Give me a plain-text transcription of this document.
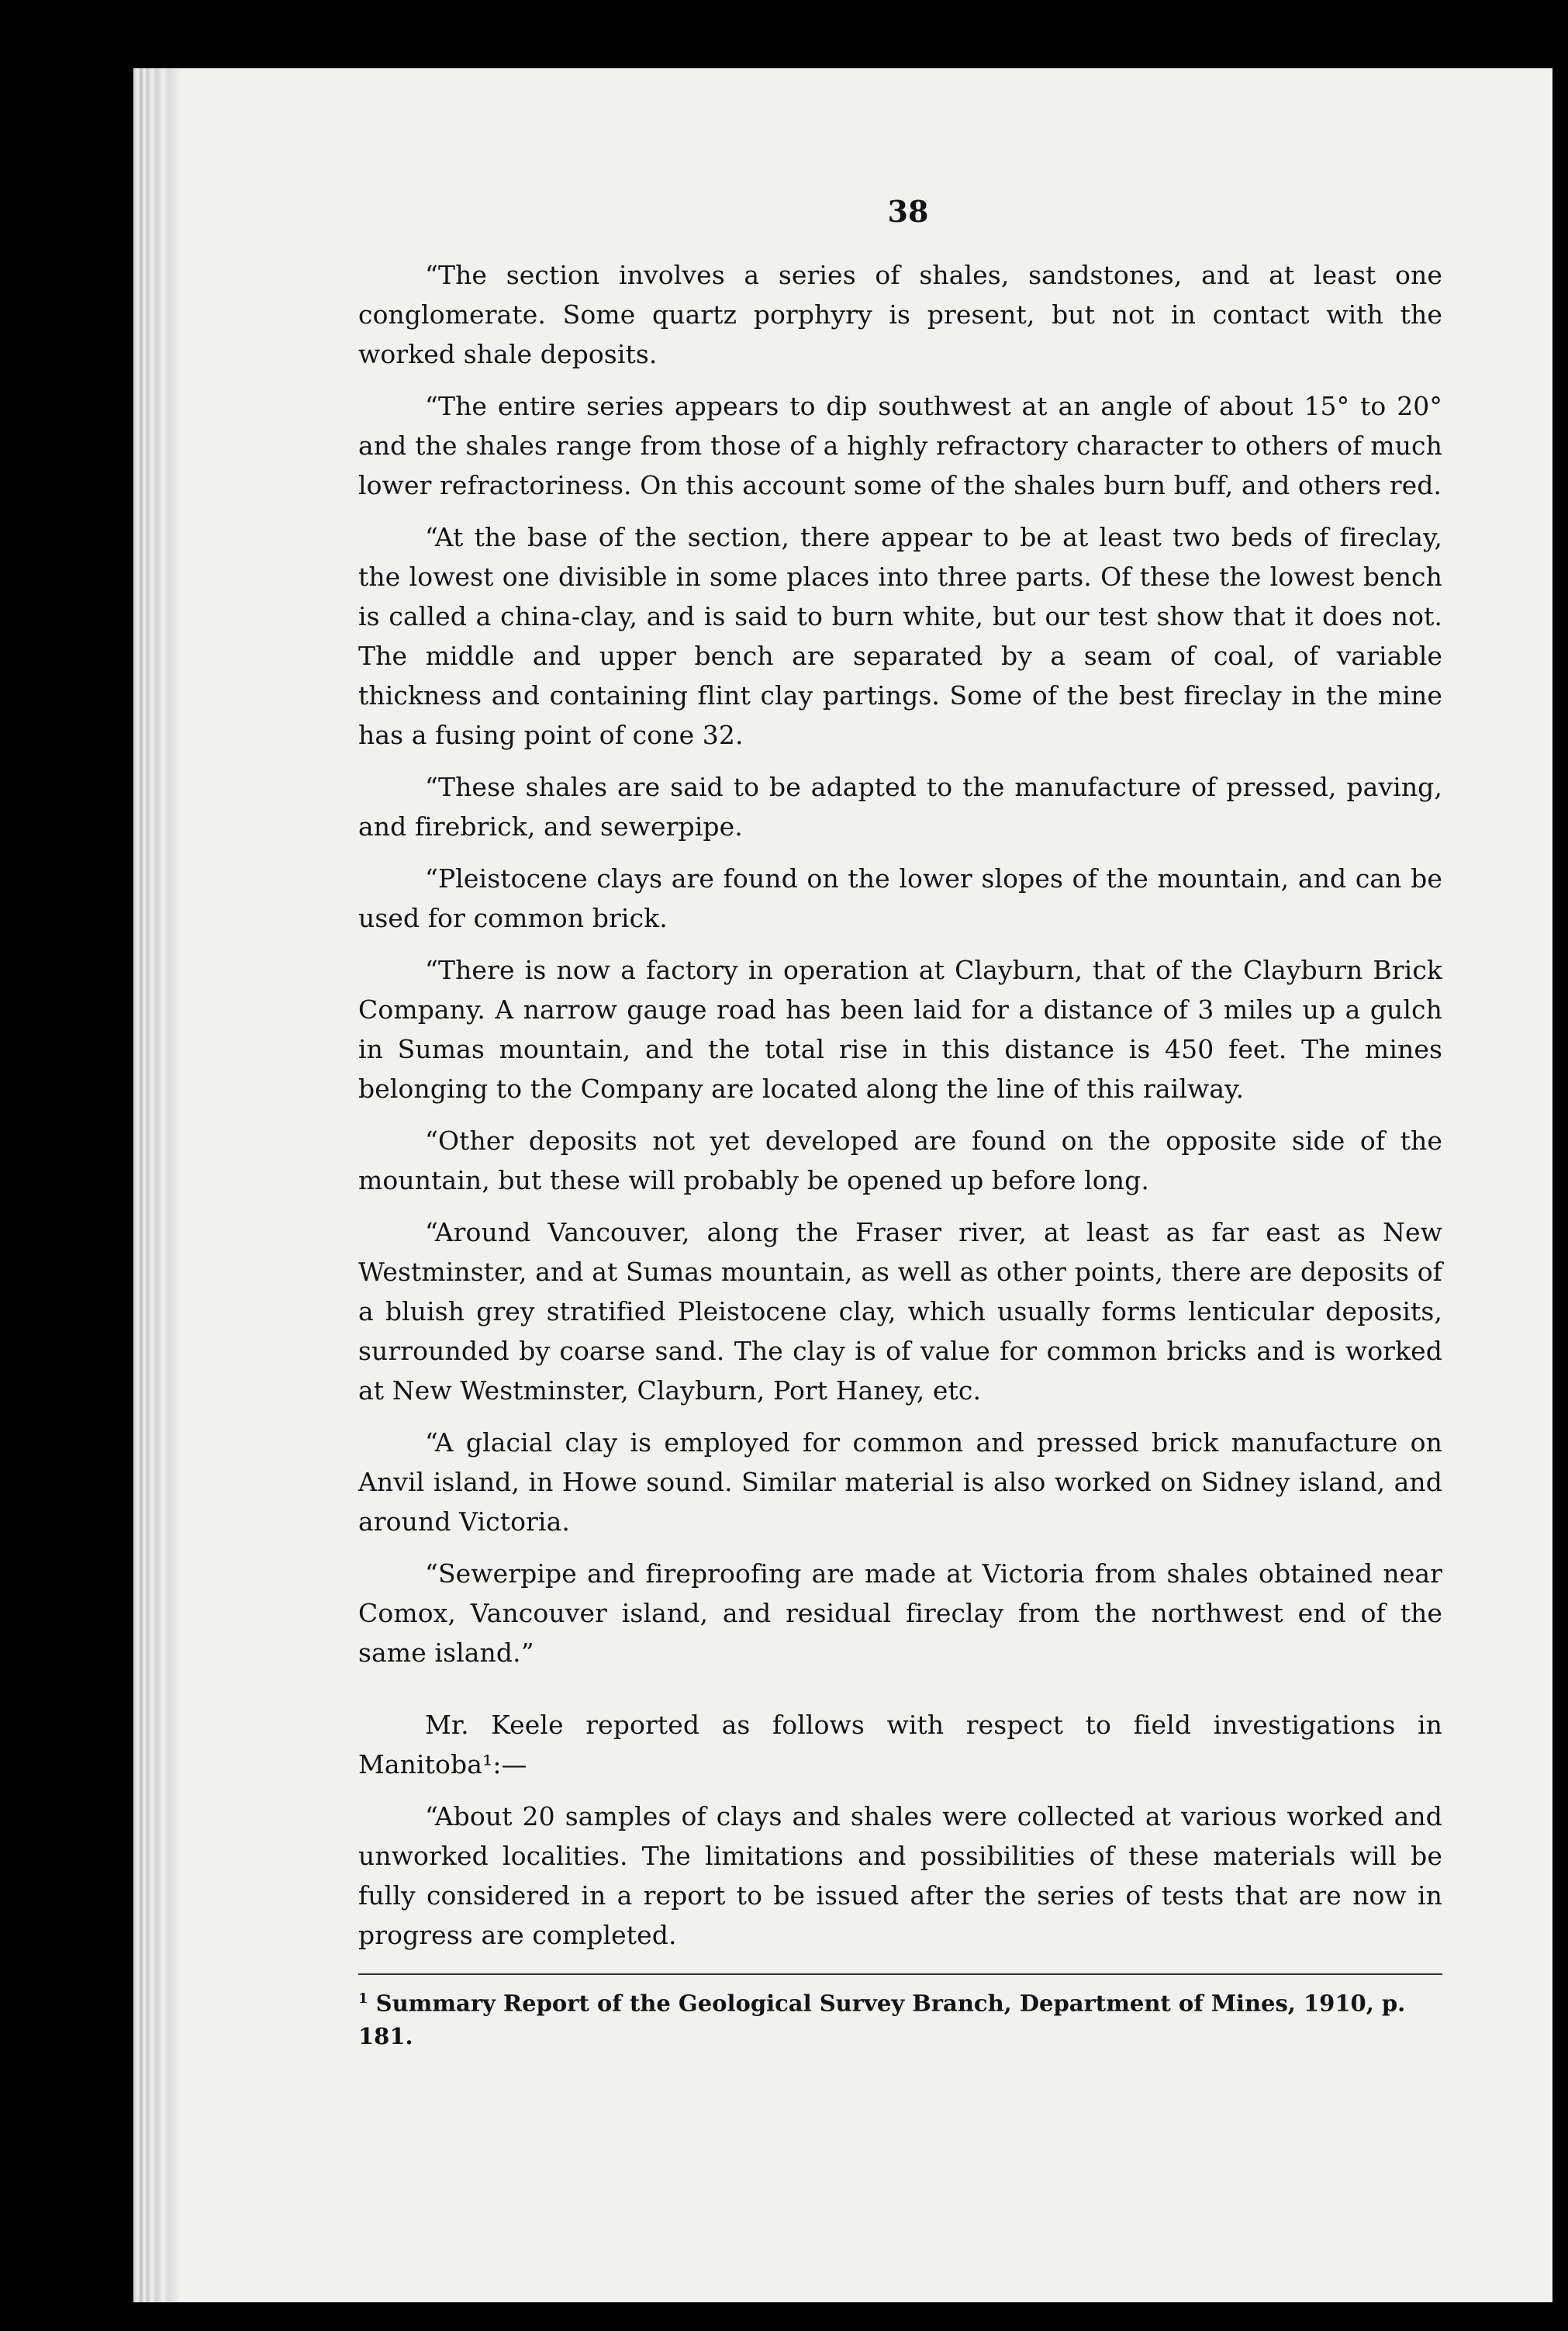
38

“The section involves a series of shales, sandstones, and at least one conglomerate. Some quartz porphyry is present, but not in contact with the worked shale deposits.

“The entire series appears to dip southwest at an angle of about 15° to 20° and the shales range from those of a highly refractory character to others of much lower refractoriness. On this account some of the shales burn buff, and others red.

“At the base of the section, there appear to be at least two beds of fireclay, the lowest one divisible in some places into three parts. Of these the lowest bench is called a china-clay, and is said to burn white, but our test show that it does not. The middle and upper bench are separated by a seam of coal, of variable thickness and containing flint clay partings. Some of the best fireclay in the mine has a fusing point of cone 32.

“These shales are said to be adapted to the manufacture of pressed, paving, and firebrick, and sewerpipe.

“Pleistocene clays are found on the lower slopes of the mountain, and can be used for common brick.

“There is now a factory in operation at Clayburn, that of the Clayburn Brick Company. A narrow gauge road has been laid for a distance of 3 miles up a gulch in Sumas mountain, and the total rise in this distance is 450 feet. The mines belonging to the Company are located along the line of this railway.

“Other deposits not yet developed are found on the opposite side of the mountain, but these will probably be opened up before long.

“Around Vancouver, along the Fraser river, at least as far east as New Westminster, and at Sumas mountain, as well as other points, there are deposits of a bluish grey stratified Pleistocene clay, which usually forms lenticular deposits, surrounded by coarse sand. The clay is of value for common bricks and is worked at New Westminster, Clayburn, Port Haney, etc.

“A glacial clay is employed for common and pressed brick manufacture on Anvil island, in Howe sound. Similar material is also worked on Sidney island, and around Victoria.

“Sewerpipe and fireproofing are made at Victoria from shales obtained near Comox, Vancouver island, and residual fireclay from the northwest end of the same island.”

Mr. Keele reported as follows with respect to field investigations in Manitoba¹:—

“About 20 samples of clays and shales were collected at various worked and unworked localities. The limitations and possibilities of these materials will be fully considered in a report to be issued after the series of tests that are now in progress are completed.

$^1$ Summary Report of the Geological Survey Branch, Department of Mines, 1910, p. 181.
